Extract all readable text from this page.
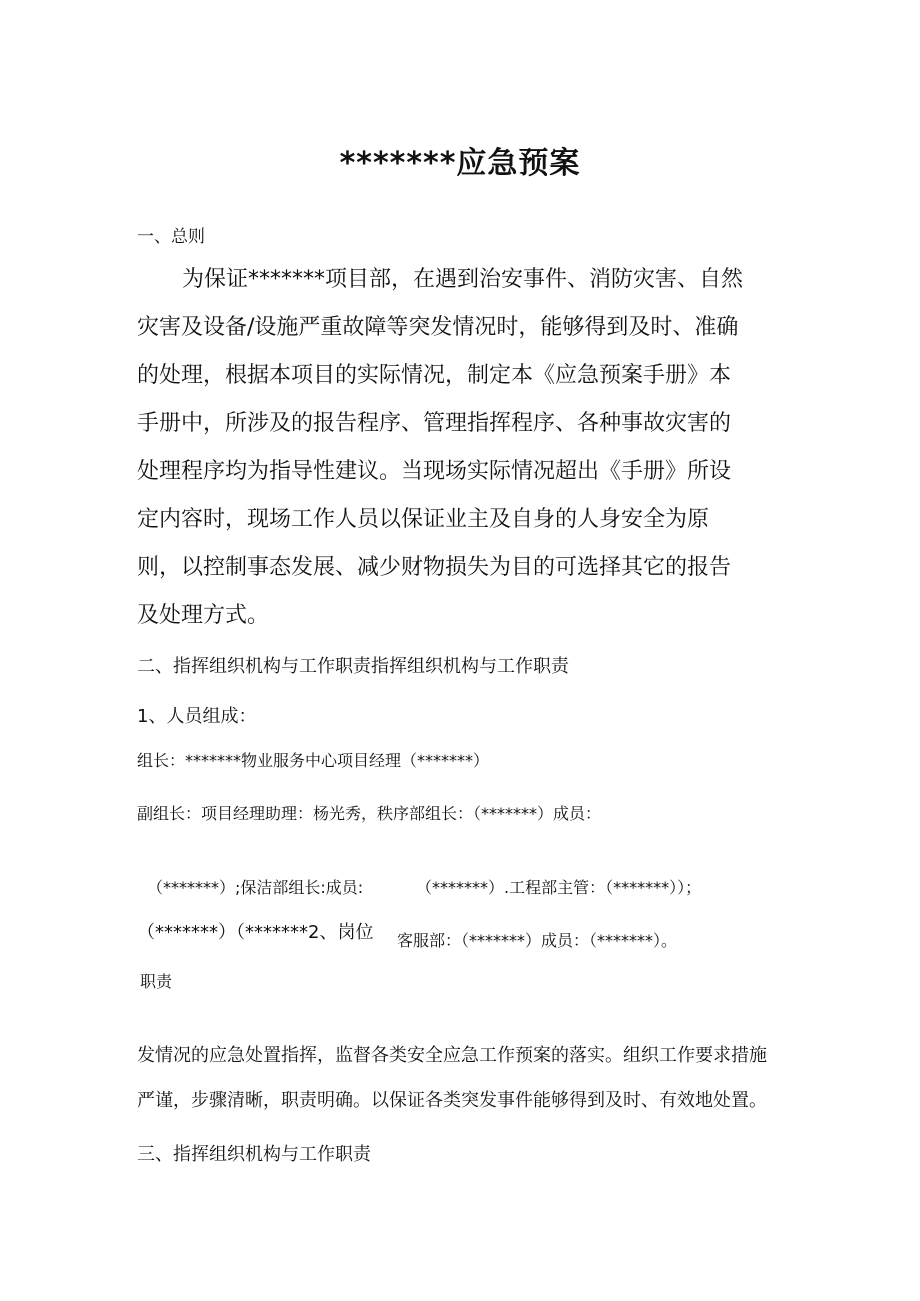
*******应急预案
一、总则
为保证*******项目部，在遇到治安事件、消防灾害、自然
灾害及设备/设施严重故障等突发情况时，能够得到及时、准确
的处理，根据本项目的实际情况，制定本《应急预案手册》本
手册中，所涉及的报告程序、管理指挥程序、各种事故灾害的
处理程序均为指导性建议。当现场实际情况超出《手册》所设
定内容时，现场工作人员以保证业主及自身的人身安全为原
则，以控制事态发展、减少财物损失为目的可选择其它的报告
及处理方式。
二、指挥组织机构与工作职责指挥组织机构与工作职责
1、人员组成：
组长：*******物业服务中心项目经理（*******）
副组长：项目经理助理：杨光秀，秩序部组长：（*******）成员：
（*******）;保洁部组长:成员:	（*******）.工程部主管：（*******））；
（*******）（*******2、岗位 客服部：（*******）成员：（*******）。
职责
发情况的应急处置指挥，监督各类安全应急工作预案的落实。组织工作要求措施
严谨，步骤清晰，职责明确。以保证各类突发事件能够得到及时、有效地处置。
三、指挥组织机构与工作职责
